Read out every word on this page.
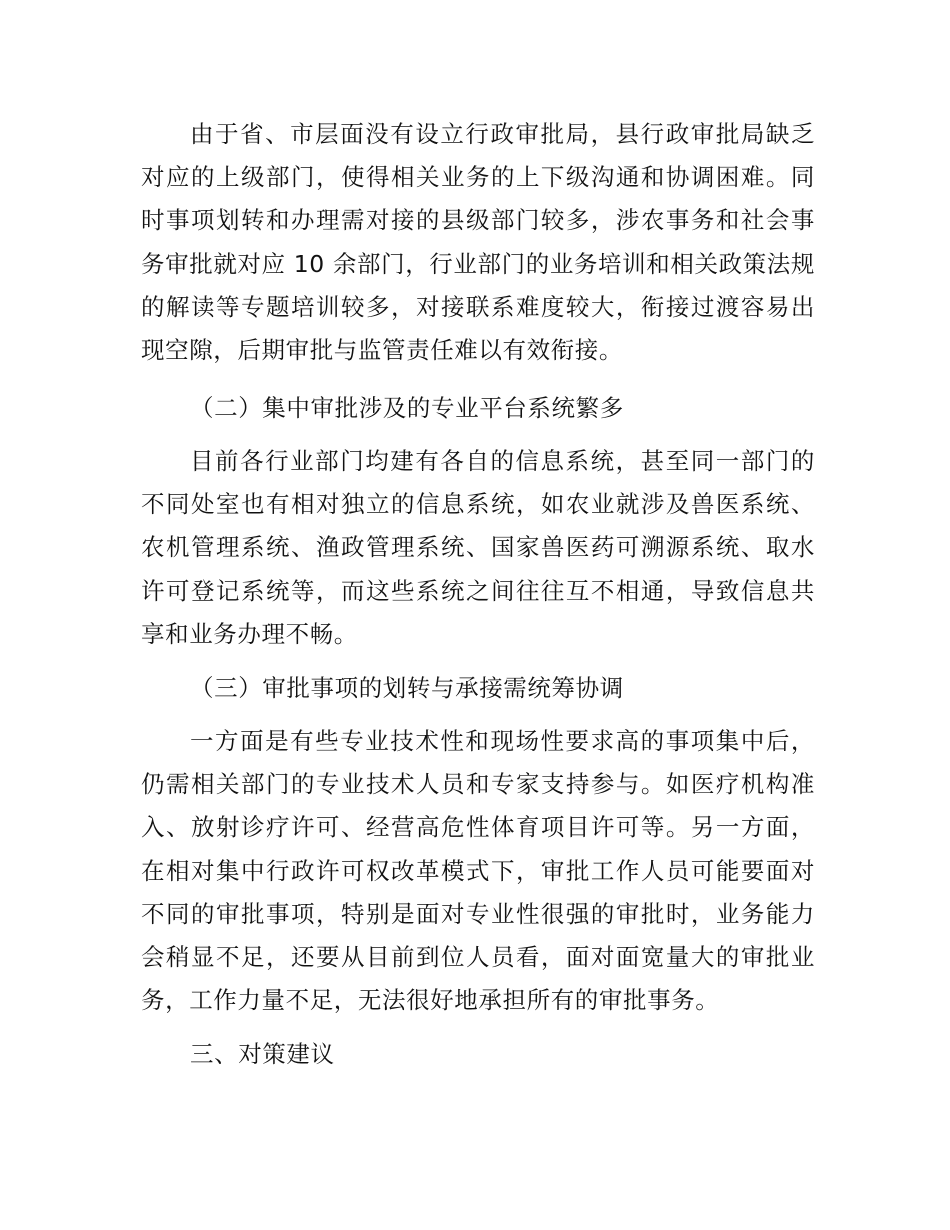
由于省、市层面没有设立行政审批局，县行政审批局缺乏对应的上级部门，使得相关业务的上下级沟通和协调困难。同时事项划转和办理需对接的县级部门较多，涉农事务和社会事务审批就对应 10 余部门，行业部门的业务培训和相关政策法规的解读等专题培训较多，对接联系难度较大，衔接过渡容易出现空隙，后期审批与监管责任难以有效衔接。

（二）集中审批涉及的专业平台系统繁多

目前各行业部门均建有各自的信息系统，甚至同一部门的不同处室也有相对独立的信息系统，如农业就涉及兽医系统、农机管理系统、渔政管理系统、国家兽医药可溯源系统、取水许可登记系统等，而这些系统之间往往互不相通，导致信息共享和业务办理不畅。

（三）审批事项的划转与承接需统筹协调

一方面是有些专业技术性和现场性要求高的事项集中后，仍需相关部门的专业技术人员和专家支持参与。如医疗机构准入、放射诊疗许可、经营高危性体育项目许可等。另一方面，在相对集中行政许可权改革模式下，审批工作人员可能要面对不同的审批事项，特别是面对专业性很强的审批时，业务能力会稍显不足，还要从目前到位人员看，面对面宽量大的审批业务，工作力量不足，无法很好地承担所有的审批事务。

三、对策建议
